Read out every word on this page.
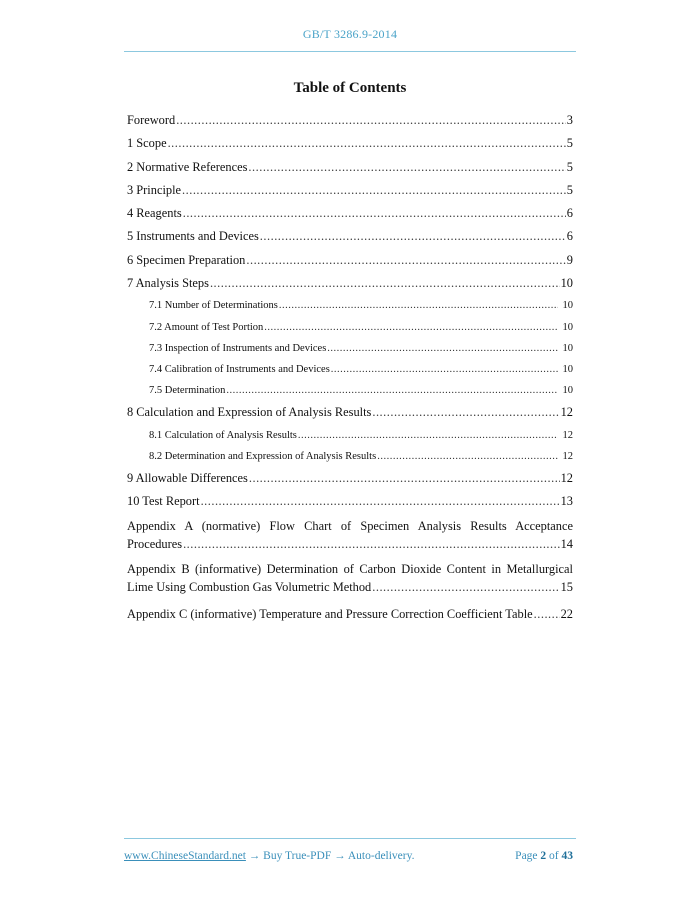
GB/T 3286.9-2014
Table of Contents
Foreword .....	3
1 Scope .....	5
2 Normative References .....	5
3 Principle .....	5
4 Reagents .....	6
5 Instruments and Devices .....	6
6 Specimen Preparation .....	9
7 Analysis Steps .....	10
7.1 Number of Determinations .....	10
7.2 Amount of Test Portion .....	10
7.3 Inspection of Instruments and Devices .....	10
7.4 Calibration of Instruments and Devices .....	10
7.5 Determination .....	10
8 Calculation and Expression of Analysis Results .....	12
8.1 Calculation of Analysis Results .....	12
8.2 Determination and Expression of Analysis Results .....	12
9 Allowable Differences .....	12
10 Test Report .....	13
Appendix A (normative) Flow Chart of Specimen Analysis Results Acceptance
Procedures .....	14
Appendix B (informative) Determination of Carbon Dioxide Content in Metallurgical
Lime Using Combustion Gas Volumetric Method .....	15
Appendix C (informative) Temperature and Pressure Correction Coefficient Table ..... 22
www.ChineseStandard.net → Buy True-PDF → Auto-delivery.	Page 2 of 43
